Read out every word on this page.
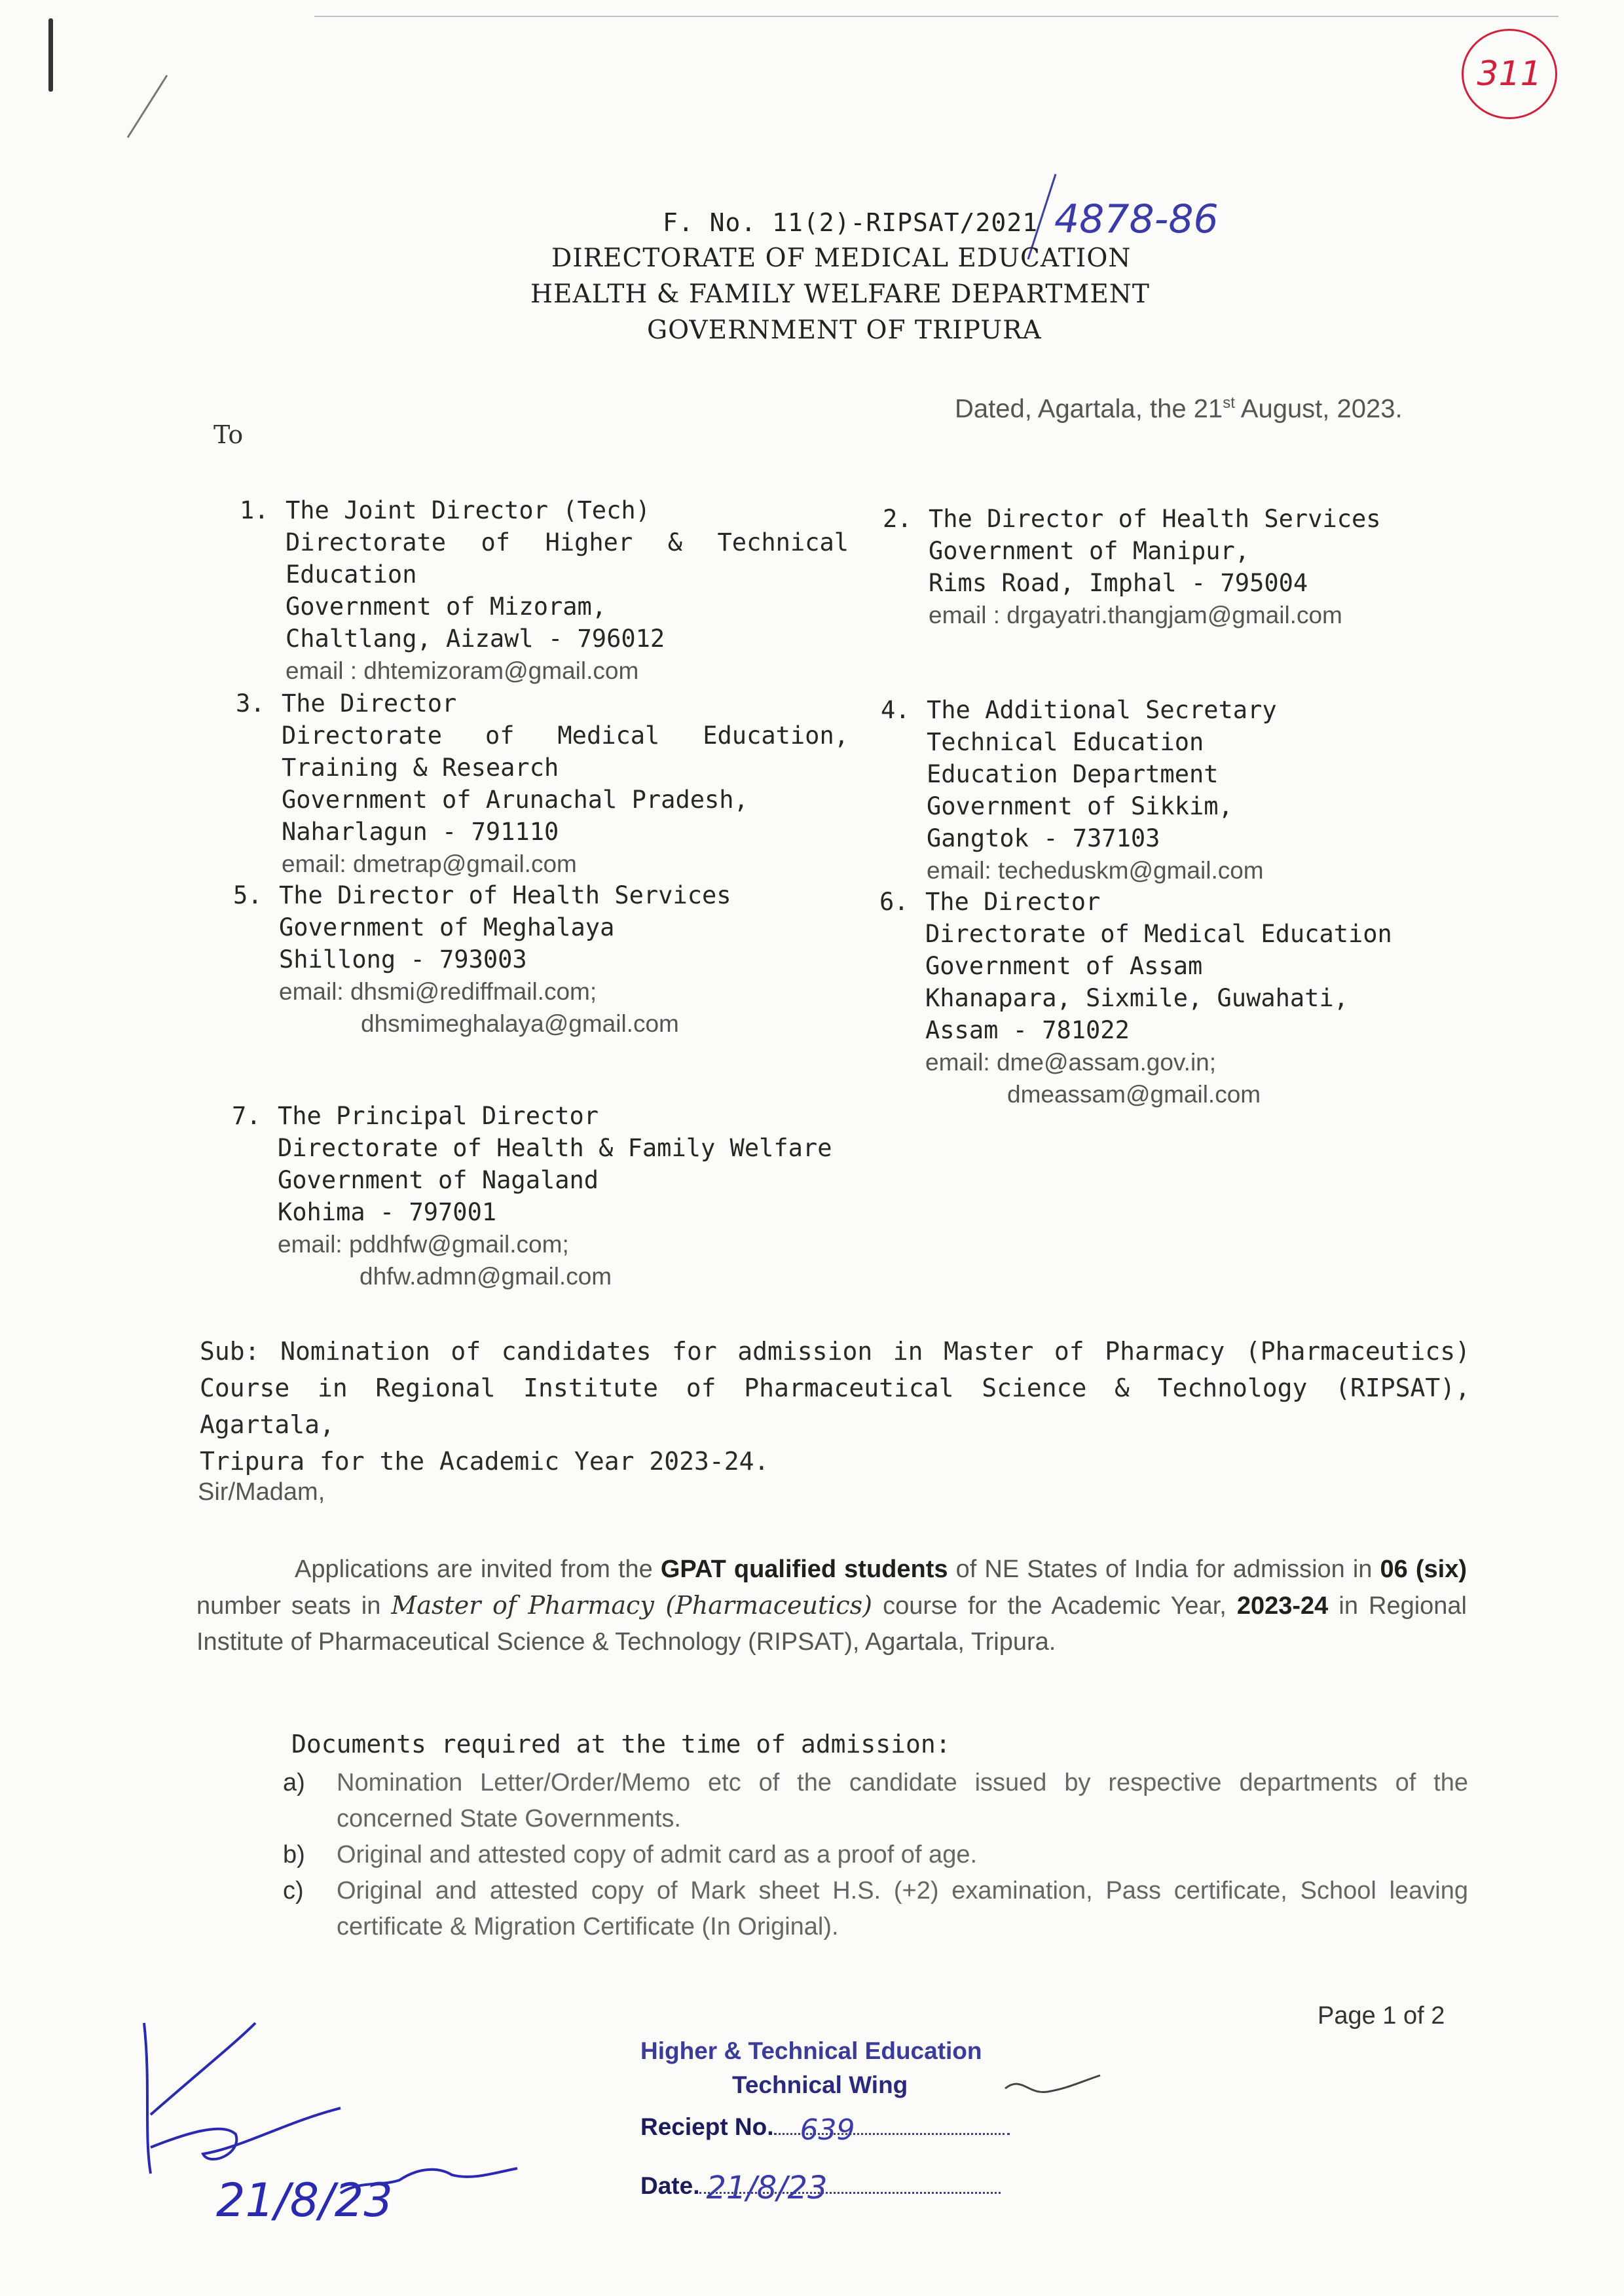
311
F. No. 11(2)-RIPSAT/2021 4878-86
DIRECTORATE OF MEDICAL EDUCATION
HEALTH & FAMILY WELFARE DEPARTMENT
GOVERNMENT OF TRIPURA
Dated, Agartala, the 21st August, 2023.
To
1. The Joint Director (Tech)
Directorate of Higher & Technical
Education
Government of Mizoram,
Chaltlang, Aizawl - 796012
email : dhtemizoram@gmail.com
2. The Director of Health Services
Government of Manipur,
Rims Road, Imphal - 795004
email : drgayatri.thangjam@gmail.com
3. The Director
Directorate of Medical Education,
Training & Research
Government of Arunachal Pradesh,
Naharlagun - 791110
email: dmetrap@gmail.com
4. The Additional Secretary
Technical Education
Education Department
Government of Sikkim,
Gangtok - 737103
email: techeduskm@gmail.com
5. The Director of Health Services
Government of Meghalaya
Shillong - 793003
email: dhsmi@rediffmail.com;
dhsmimeghalaya@gmail.com
6. The Director
Directorate of Medical Education
Government of Assam
Khanapara, Sixmile, Guwahati,
Assam - 781022
email: dme@assam.gov.in;
dmeassam@gmail.com
7. The Principal Director
Directorate of Health & Family Welfare
Government of Nagaland
Kohima - 797001
email: pddhfw@gmail.com;
dhfw.admn@gmail.com
Sub: Nomination of candidates for admission in Master of Pharmacy (Pharmaceutics)
Course in Regional Institute of Pharmaceutical Science & Technology (RIPSAT), Agartala,
Tripura for the Academic Year 2023-24.
Sir/Madam,
Applications are invited from the GPAT qualified students of NE States of India for admission in 06 (six) number seats in Master of Pharmacy (Pharmaceutics) course for the Academic Year, 2023-24 in Regional Institute of Pharmaceutical Science & Technology (RIPSAT), Agartala, Tripura.
Documents required at the time of admission:
a)	Nomination Letter/Order/Memo etc of the candidate issued by respective departments of the concerned State Governments.
b)	Original and attested copy of admit card as a proof of age.
c)	Original and attested copy of Mark sheet H.S. (+2) examination, Pass certificate, School leaving certificate & Migration Certificate (In Original).
Page 1 of 2
21/8/23
Higher & Technical Education
Technical Wing
Reciept No. 639
Date. 21/8/23
